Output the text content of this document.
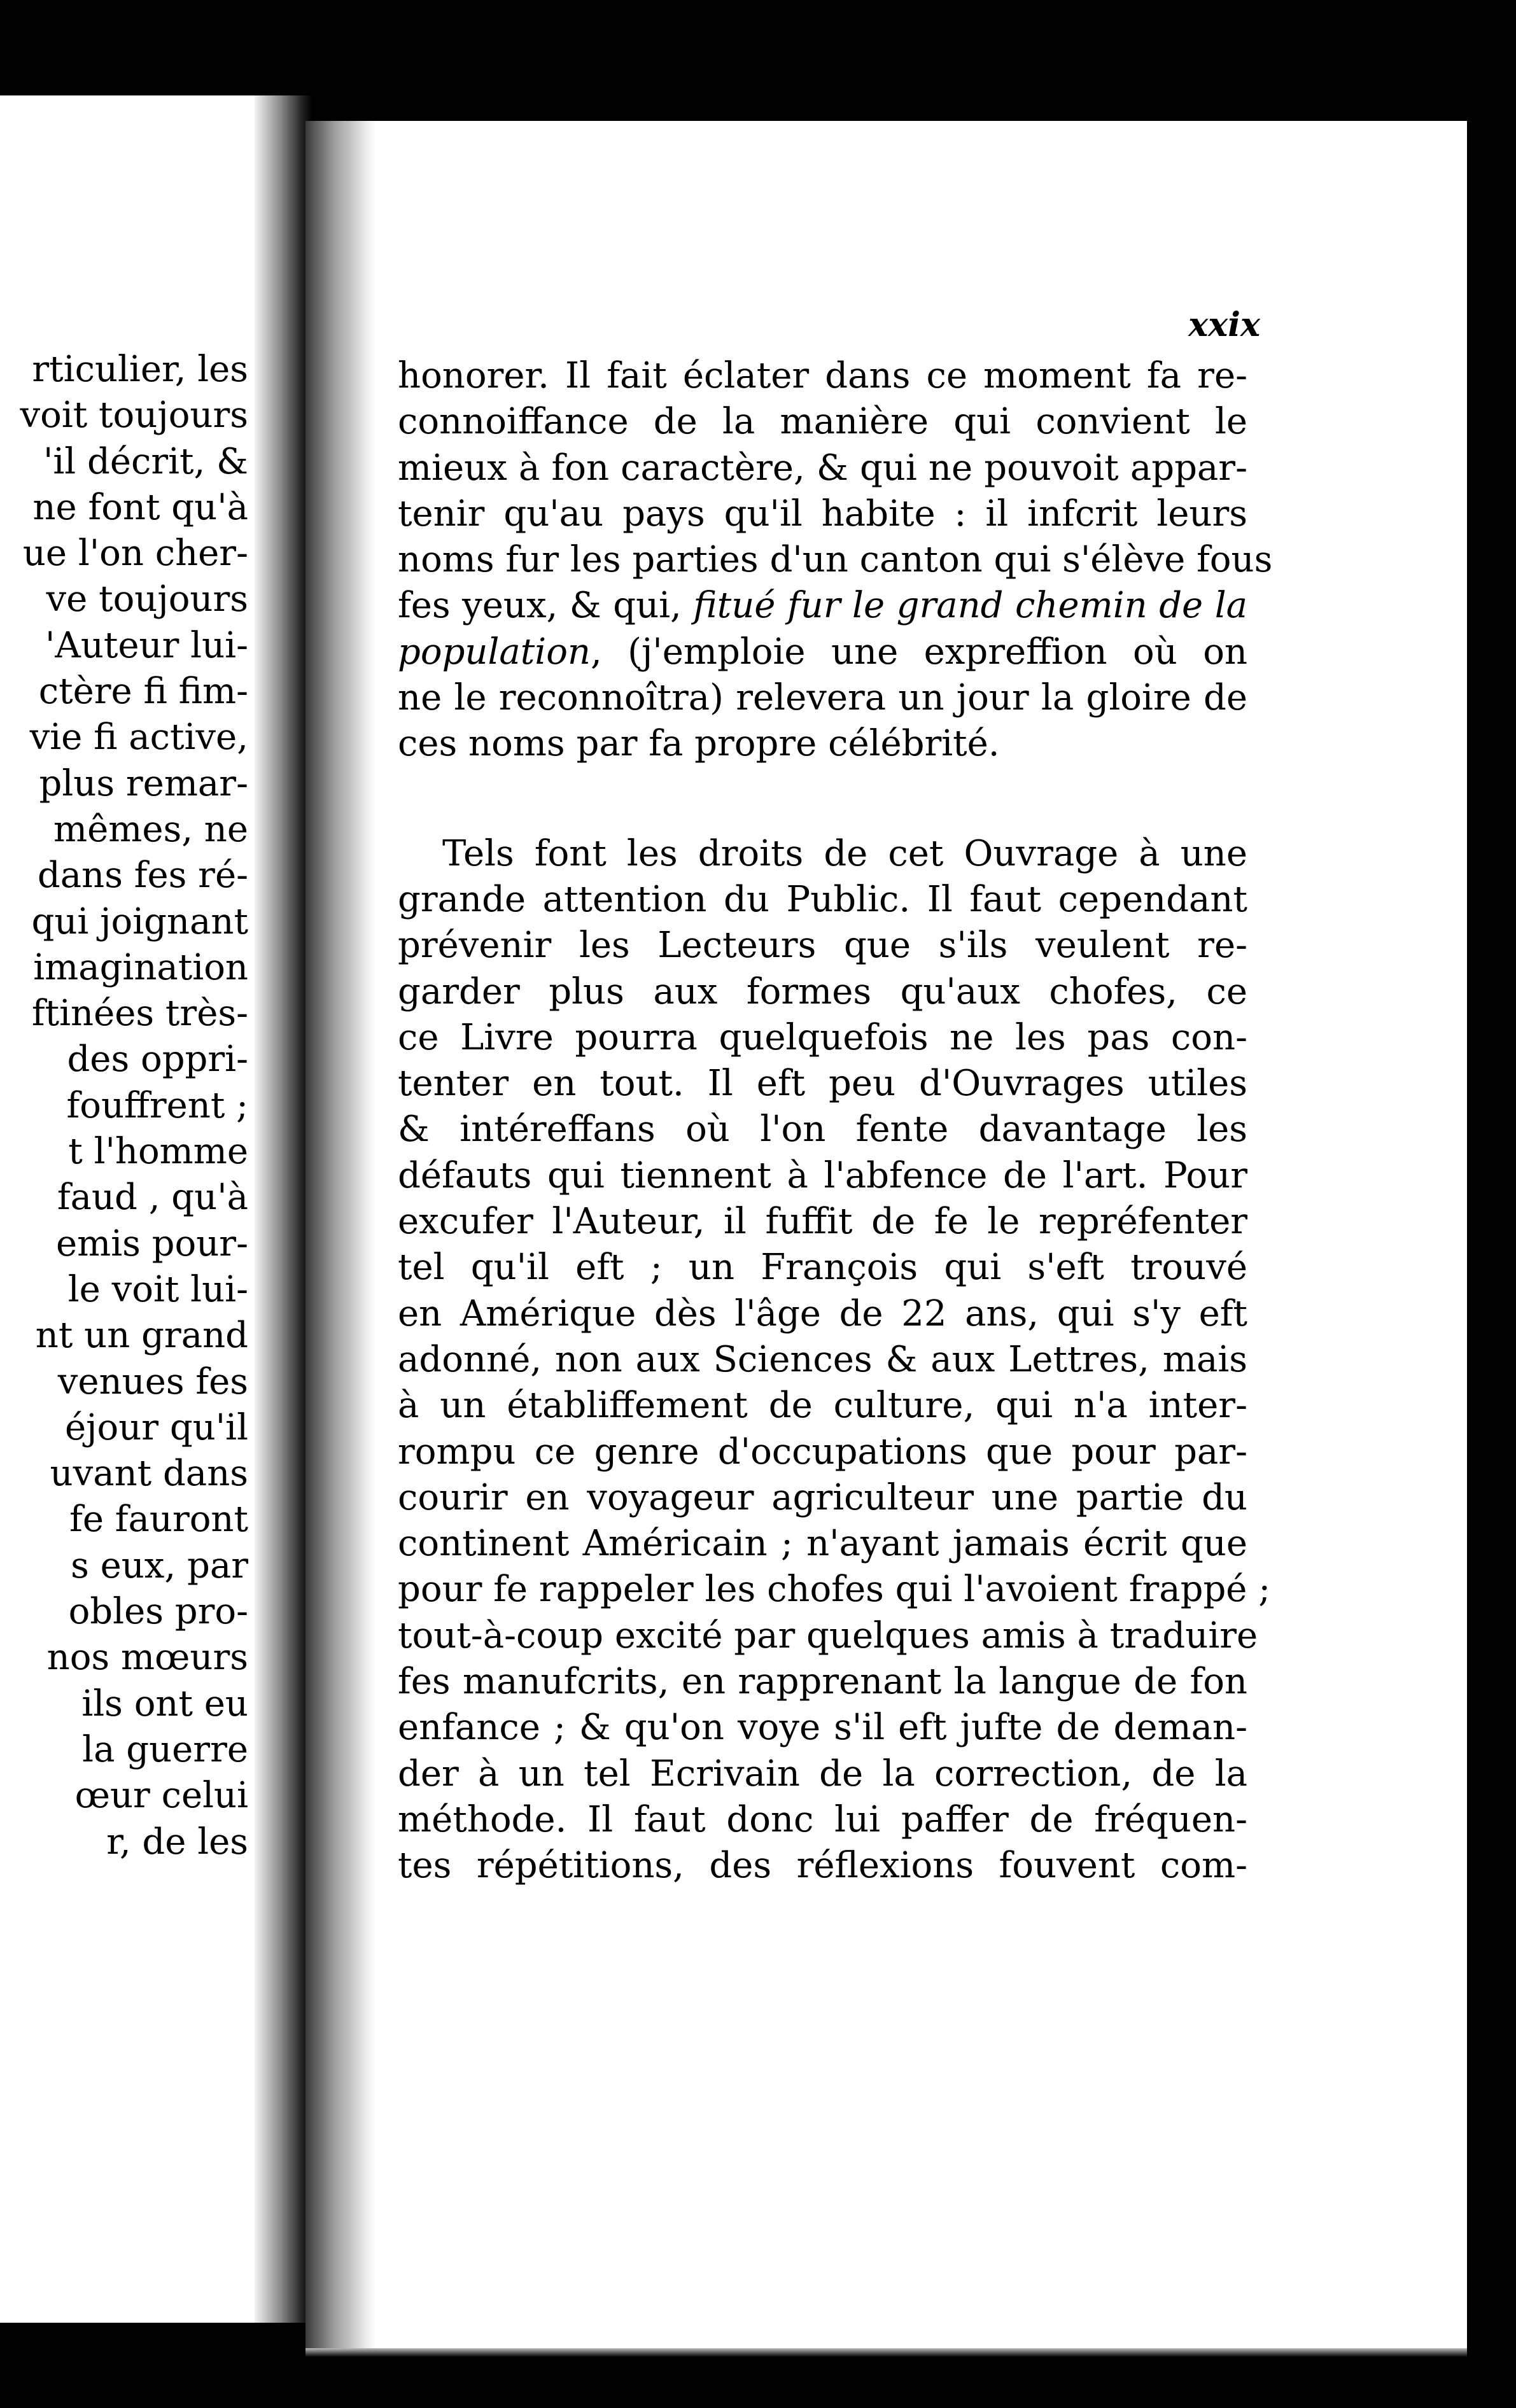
rticulier, les
voit toujours
'il décrit, &
ne font qu'à
ue l'on cher-
ve toujours
'Auteur lui-
ctère fi fim-
vie fi active,
plus remar-
mêmes, ne
dans fes ré-
qui joignant
imagination
ftinées très-
des oppri-
fouffrent ;
t l'homme
faud , qu'à
emis pour-
le voit lui-
nt un grand
venues fes
éjour qu'il
uvant dans
fe fauront
s eux, par
obles pro-
nos mœurs
ils ont eu
la guerre
œur celui
r, de les
xxix

honorer. Il fait éclater dans ce moment fa re-
connoiffance de la manière qui convient le
mieux à fon caractère, & qui ne pouvoit appar-
tenir qu'au pays qu'il habite : il infcrit leurs
noms fur les parties d'un canton qui s'élève fous
fes yeux, & qui, fitué fur le grand chemin de la
population, (j'emploie une expreffion où on
ne le reconnoîtra) relevera un jour la gloire de
ces noms par fa propre célébrité.

Tels font les droits de cet Ouvrage à une
grande attention du Public. Il faut cependant
prévenir les Lecteurs que s'ils veulent re-
garder plus aux formes qu'aux chofes, ce
ce Livre pourra quelquefois ne les pas con-
tenter en tout. Il eft peu d'Ouvrages utiles
& intéreffans où l'on fente davantage les
défauts qui tiennent à l'abfence de l'art. Pour
excufer l'Auteur, il fuffit de fe le repréfenter
tel qu'il eft ; un François qui s'eft trouvé
en Amérique dès l'âge de 22 ans, qui s'y eft
adonné, non aux Sciences & aux Lettres, mais
à un établiffement de culture, qui n'a inter-
rompu ce genre d'occupations que pour par-
courir en voyageur agriculteur une partie du
continent Américain ; n'ayant jamais écrit que
pour fe rappeler les chofes qui l'avoient frappé ;
tout-à-coup excité par quelques amis à traduire
fes manufcrits, en rapprenant la langue de fon
enfance ; & qu'on voye s'il eft jufte de deman-
der à un tel Ecrivain de la correction, de la
méthode. Il faut donc lui paffer de fréquen-
tes répétitions, des réflexions fouvent com-
